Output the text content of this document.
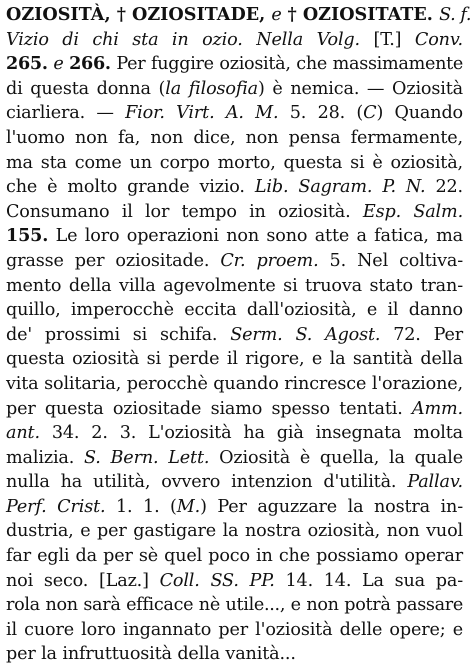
OZIOSITÀ, † OZIOSITADE, e † OZIOSITATE. S. f.
Vizio di chi sta in ozio. Nella Volg. [T.] Conv.
265. e 266. Per fuggire oziosità, che massimamente
di questa donna (la filosofia) è nemica. — Oziosità
ciarliera. — Fior. Virt. A. M. 5. 28. (C) Quando
l'uomo non fa, non dice, non pensa fermamente,
ma sta come un corpo morto, questa si è oziosità,
che è molto grande vizio. Lib. Sagram. P. N. 22.
Consumano il lor tempo in oziosità. Esp. Salm.
155. Le loro operazioni non sono atte a fatica, ma
grasse per oziositade. Cr. proem. 5. Nel coltiva-
mento della villa agevolmente si truova stato tran-
quillo, imperocchè eccita dall'oziosità, e il danno
de' prossimi si schifa. Serm. S. Agost. 72. Per
questa oziosità si perde il rigore, e la santità della
vita solitaria, perocchè quando rincresce l'orazione,
per questa oziositade siamo spesso tentati. Amm.
ant. 34. 2. 3. L'oziosità ha già insegnata molta
malizia. S. Bern. Lett. Oziosità è quella, la quale
nulla ha utilità, ovvero intenzion d'utilità. Pallav.
Perf. Crist. 1. 1. (M.) Per aguzzare la nostra in-
dustria, e per gastigare la nostra oziosità, non vuol
far egli da per sè quel poco in che possiamo operar
noi seco. [Laz.] Coll. SS. PP. 14. 14. La sua pa-
rola non sarà efficace nè utile..., e non potrà passare
il cuore loro ingannato per l'oziosità delle opere; e
per la infruttuosità della vanità...
